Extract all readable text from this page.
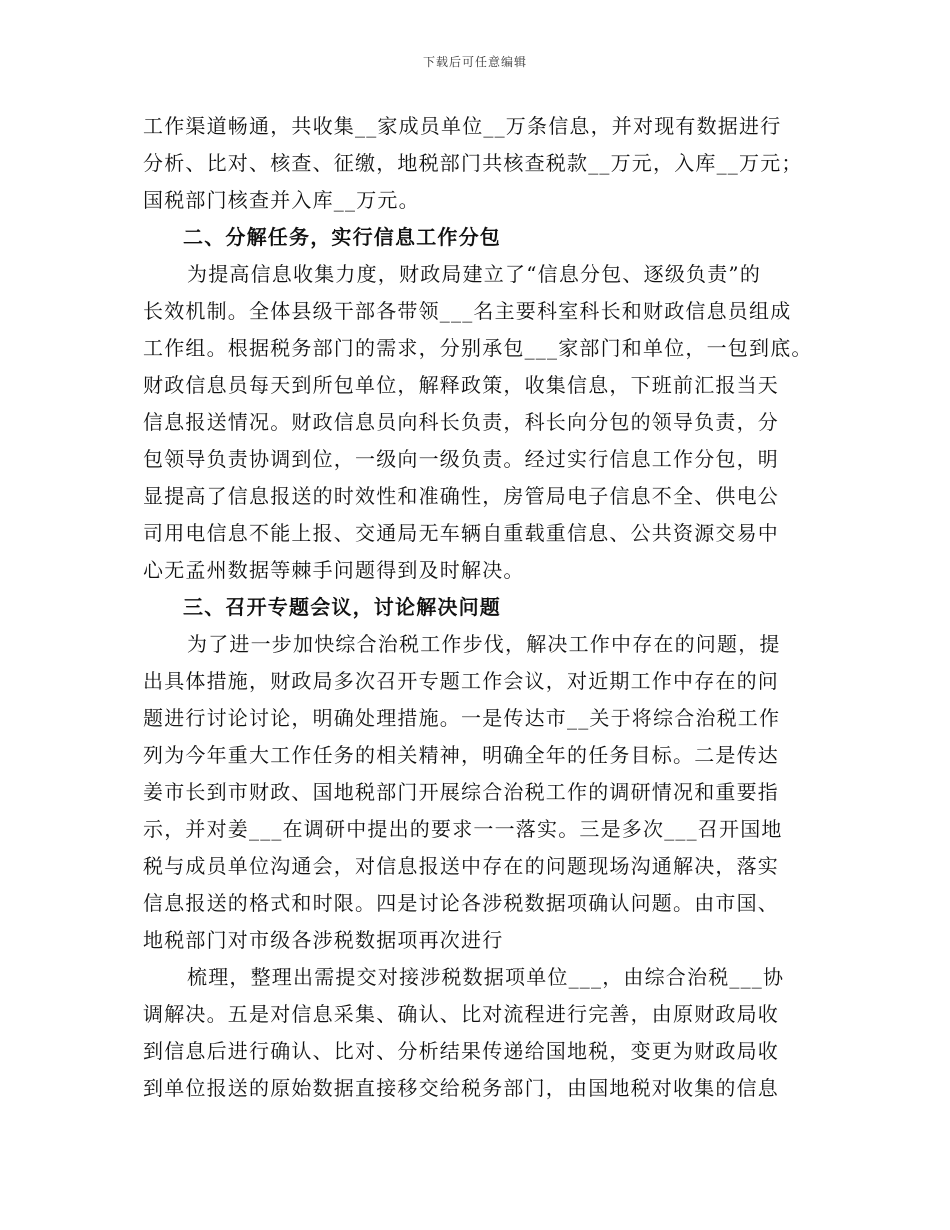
下载后可任意编辑
工作渠道畅通，共收集__家成员单位__万条信息，并对现有数据进行
分析、比对、核查、征缴，地税部门共核查税款__万元，入库__万元；
国税部门核查并入库__万元。
二、分解任务，实行信息工作分包
为提高信息收集力度，财政局建立了“信息分包、逐级负责”的
长效机制。全体县级干部各带领___名主要科室科长和财政信息员组成
工作组。根据税务部门的需求，分别承包___家部门和单位，一包到底。
财政信息员每天到所包单位，解释政策，收集信息，下班前汇报当天
信息报送情况。财政信息员向科长负责，科长向分包的领导负责，分
包领导负责协调到位，一级向一级负责。经过实行信息工作分包，明
显提高了信息报送的时效性和准确性，房管局电子信息不全、供电公
司用电信息不能上报、交通局无车辆自重载重信息、公共资源交易中
心无孟州数据等棘手问题得到及时解决。
三、召开专题会议，讨论解决问题
为了进一步加快综合治税工作步伐，解决工作中存在的问题，提
出具体措施，财政局多次召开专题工作会议，对近期工作中存在的问
题进行讨论讨论，明确处理措施。一是传达市__关于将综合治税工作
列为今年重大工作任务的相关精神，明确全年的任务目标。二是传达
姜市长到市财政、国地税部门开展综合治税工作的调研情况和重要指
示，并对姜___在调研中提出的要求一一落实。三是多次___召开国地
税与成员单位沟通会，对信息报送中存在的问题现场沟通解决，落实
信息报送的格式和时限。四是讨论各涉税数据项确认问题。由市国、
地税部门对市级各涉税数据项再次进行
梳理，整理出需提交对接涉税数据项单位___，由综合治税___协
调解决。五是对信息采集、确认、比对流程进行完善，由原财政局收
到信息后进行确认、比对、分析结果传递给国地税，变更为财政局收
到单位报送的原始数据直接移交给税务部门，由国地税对收集的信息
